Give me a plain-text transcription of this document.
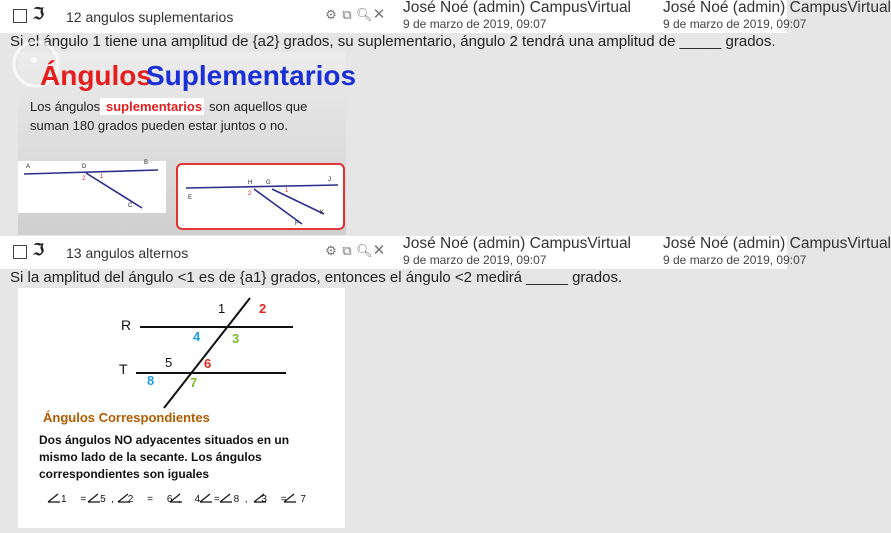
ℑ 12 angulos suplementarios	⚙ ⧉ 🔍︎ ✕ José Noé (admin) CampusVirtual
9 de marzo de 2019, 09:07
José Noé (admin) CampusVirtual
9 de marzo de 2019, 09:07
Si el ángulo 1 tiene una amplitud de {a2} grados, su suplementario, ángulo 2 tendrá una amplitud de _____ grados.
Ángulos
Suplementarios
Los ángulos suplementarios son aquellos que
suman 180 grados pueden estar juntos o no.
A	D
B
2 1
C
H G	J
E
2	1
K
F
ℑ 13 angulos alternos	⚙ ⧉ 🔍︎ ✕ José Noé (admin) CampusVirtual
9 de marzo de 2019, 09:07
José Noé (admin) CampusVirtual
9 de marzo de 2019, 09:07
Si la amplitud del ángulo <1 es de {a1} grados, entonces el ángulo <2 medirá _____ grados.
R
T
1	2
3
4
5 6
7
8
Ángulos Correspondientes
Dos ángulos NO adyacentes situados en un
mismo lado de la secante. Los ángulos
correspondientes son iguales
1 = 5, 2 = 6, 4 = 8, 3 = 7
